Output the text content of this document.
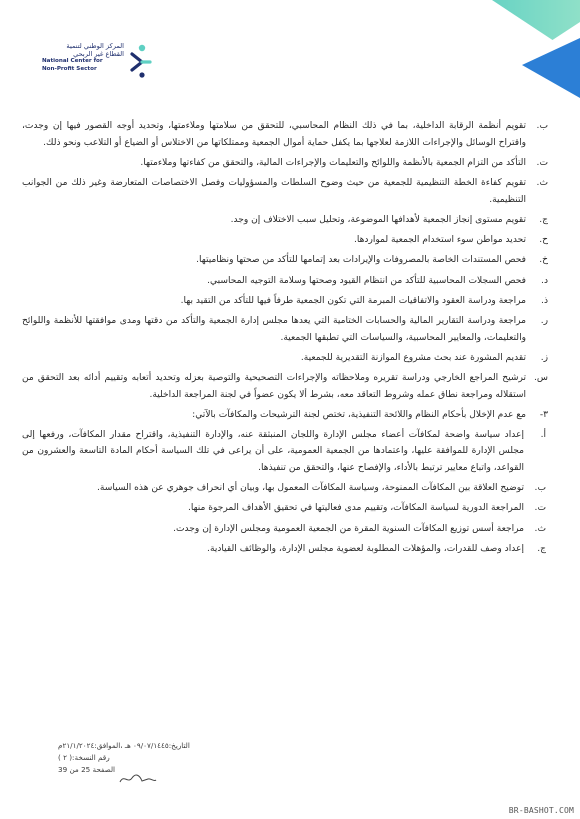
المركز الوطني لتنمية
القطاع غير الربحي
National Center for
Non-Profit Sector
ب.
تقويم أنظمة الرقابة الداخلية، بما في ذلك النظام المحاسبي، للتحقق من سلامتها وملاءمتها، وتحديد أوجه القصور فيها إن وجدت، واقتراح الوسائل والإجراءات اللازمة لعلاجها بما يكفل حماية أموال الجمعية وممتلكاتها من الاختلاس أو الضياع أو التلاعب ونحو ذلك.
ت.
التأكد من التزام الجمعية بالأنظمة واللوائح والتعليمات والإجراءات المالية، والتحقق من كفاءتها وملاءمتها.
ث.
تقويم كفاءة الخطة التنظيمية للجمعية من حيث وضوح السلطات والمسؤوليات وفصل الاختصاصات المتعارضة وغير ذلك من الجوانب التنظيمية.
ج.
تقويم مستوى إنجاز الجمعية لأهدافها الموضوعة، وتحليل سبب الاختلاف إن وجد.
ح.
تحديد مواطن سوء استخدام الجمعية لمواردها.
خ.
فحص المستندات الخاصة بالمصروفات والإيرادات بعد إتمامها للتأكد من صحتها ونظاميتها.
د.
فحص السجلات المحاسبية للتأكد من انتظام القيود وصحتها وسلامة التوجيه المحاسبي.
ذ.
مراجعة ودراسة العقود والاتفاقيات المبرمة التي تكون الجمعية طرفاً فيها للتأكد من التقيد بها.
ر.
مراجعة ودراسة التقارير المالية والحسابات الختامية التي يعدها مجلس إدارة الجمعية والتأكد من دقتها ومدى موافقتها للأنظمة واللوائح والتعليمات، والمعايير المحاسبية، والسياسات التي تطبقها الجمعية.
ز.
تقديم المشورة عند بحث مشروع الموازنة التقديرية للجمعية.
س.
ترشيح المراجع الخارجي ودراسة تقريره وملاحظاته والإجراءات التصحيحية والتوصية بعزله وتحديد أتعابه وتقييم أدائه بعد التحقق من استقلاله ومراجعة نطاق عمله وشروط التعاقد معه، بشرط ألا يكون عضواً في لجنة المراجعة الداخلية.
٣-
مع عدم الإخلال بأحكام النظام واللائحة التنفيذية، تختص لجنة الترشيحات والمكافآت بالآتي:
أ.
إعداد سياسة واضحة لمكافآت أعضاء مجلس الإدارة واللجان المنبثقة عنه، والإدارة التنفيذية، واقتراح مقدار المكافآت، ورفعها إلى مجلس الإدارة للموافقة عليها، واعتمادها من الجمعية العمومية، على أن يراعى في تلك السياسة أحكام المادة التاسعة والعشرون من القواعد، واتباع معايير ترتبط بالأداء، والإفصاح عنها، والتحقق من تنفيذها.
ب.
توضيح العلاقة بين المكافآت الممنوحة، وسياسة المكافآت المعمول بها، وبيان أي انحراف جوهري عن هذه السياسة.
ت.
المراجعة الدورية لسياسة المكافآت، وتقييم مدى فعاليتها في تحقيق الأهداف المرجوة منها.
ث.
مراجعة أسس توزيع المكافآت السنوية المقرة من الجمعية العمومية ومجلس الإدارة إن وجدت.
ج.
إعداد وصف للقدرات، والمؤهلات المطلوبة لعضوية مجلس الإدارة، والوظائف القيادية.
التاريخ:٠٩/٠٧/١٤٤٥ هـ ،الموافق:٢١/١/٢٠٢٤م
رقم النسخة:( ٢ )
الصفحة 25 من 39
BR-BASHOT.COM
